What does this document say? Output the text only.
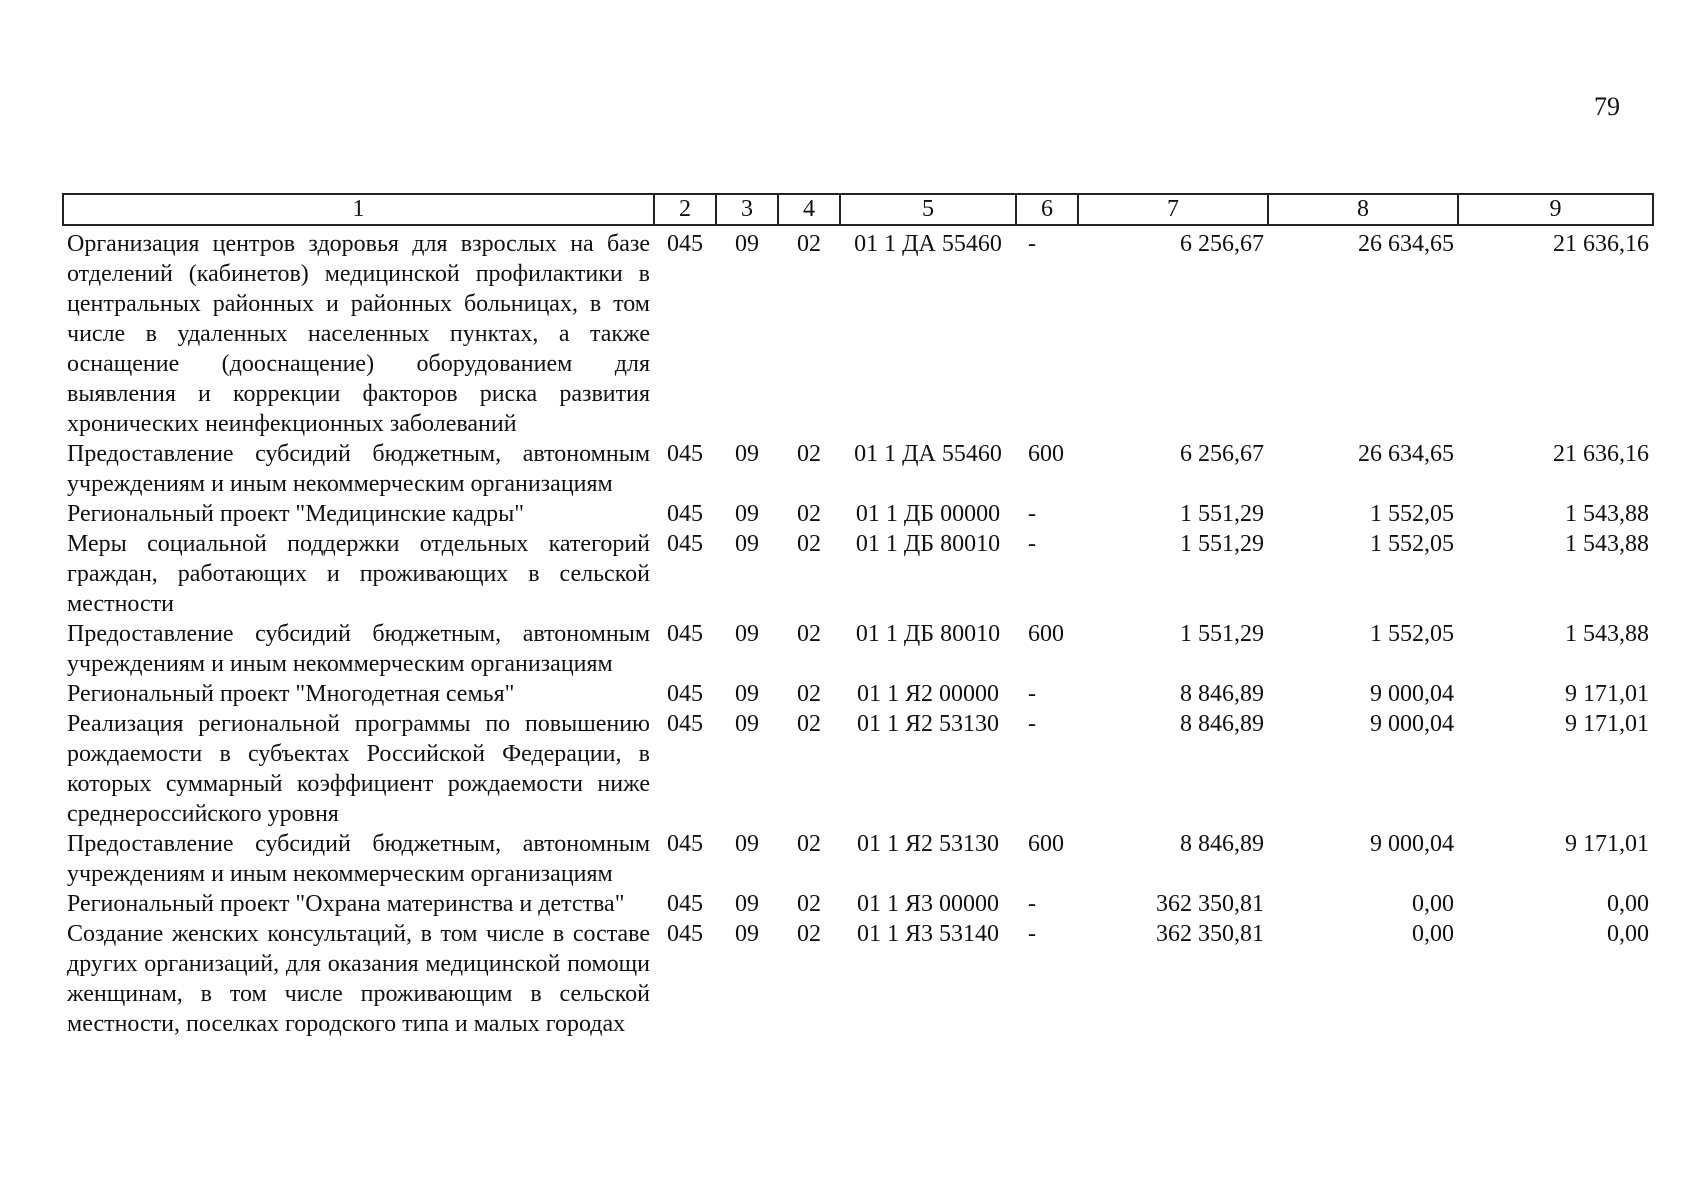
79
1	2	3	4	5	6	7	8	9
Организация центров здоровья для взрослых на базе отделений (кабинетов) медицинской профилактики в центральных районных и районных больницах, в том числе в удаленных населенных пунктах, а также оснащение (дооснащение) оборудованием для выявления и коррекции факторов риска развития хронических неинфекционных заболеваний	045	09	02	01 1 ДА 55460	-	6 256,67	26 634,65	21 636,16
Предоставление субсидий бюджетным, автономным учреждениям и иным некоммерческим организациям	045	09	02	01 1 ДА 55460	600	6 256,67	26 634,65	21 636,16
Региональный проект "Медицинские кадры"	045	09	02	01 1 ДБ 00000	-	1 551,29	1 552,05	1 543,88
Меры социальной поддержки отдельных категорий граждан, работающих и проживающих в сельской местности	045	09	02	01 1 ДБ 80010	-	1 551,29	1 552,05	1 543,88
Предоставление субсидий бюджетным, автономным учреждениям и иным некоммерческим организациям	045	09	02	01 1 ДБ 80010	600	1 551,29	1 552,05	1 543,88
Региональный проект "Многодетная семья"	045	09	02	01 1 Я2 00000	-	8 846,89	9 000,04	9 171,01
Реализация региональной программы по повышению рождаемости в субъектах Российской Федерации, в которых суммарный коэффициент рождаемости ниже среднероссийского уровня	045	09	02	01 1 Я2 53130	-	8 846,89	9 000,04	9 171,01
Предоставление субсидий бюджетным, автономным учреждениям и иным некоммерческим организациям	045	09	02	01 1 Я2 53130	600	8 846,89	9 000,04	9 171,01
Региональный проект "Охрана материнства и детства"	045	09	02	01 1 Я3 00000	-	362 350,81	0,00	0,00
Создание женских консультаций, в том числе в составе других организаций, для оказания медицинской помощи женщинам, в том числе проживающим в сельской местности, поселках городского типа и малых городах	045	09	02	01 1 Я3 53140	-	362 350,81	0,00	0,00
